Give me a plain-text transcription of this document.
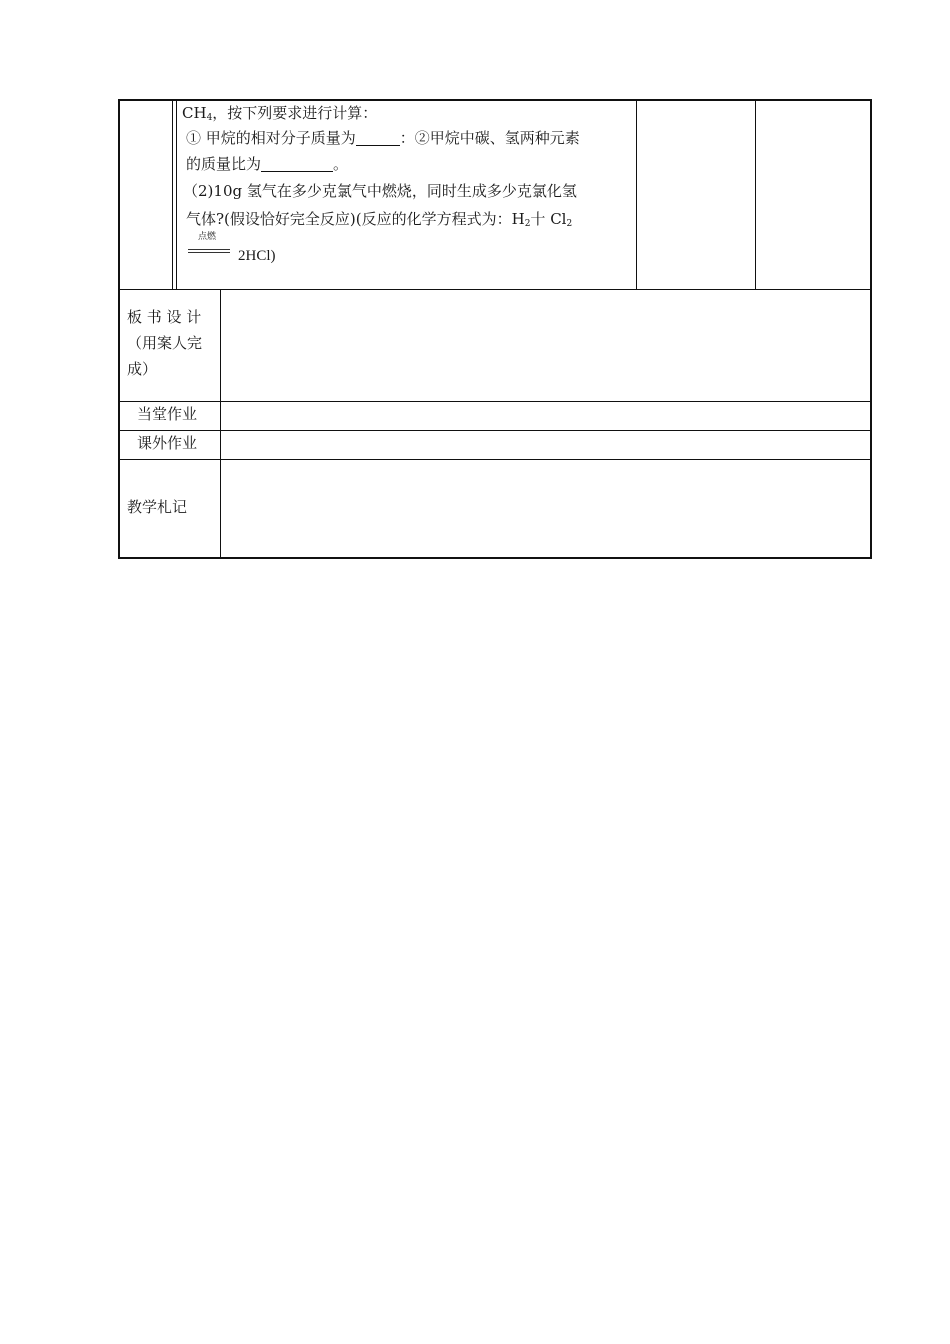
$CH_4$，按下列要求进行计算：
① 甲烷的相对分子质量为	：②甲烷中碳、氢两种元素
的质量比为	。
（2)10g 氢气在多少克氯气中燃烧，同时生成多少克氯化氢
气体?(假设恰好完全反应)(反应的化学方程式为：$H_2$十 $Cl_2$
点燃
2HCl)
板 书 设 计
（用案人完
成）
当堂作业
课外作业
教学札记
